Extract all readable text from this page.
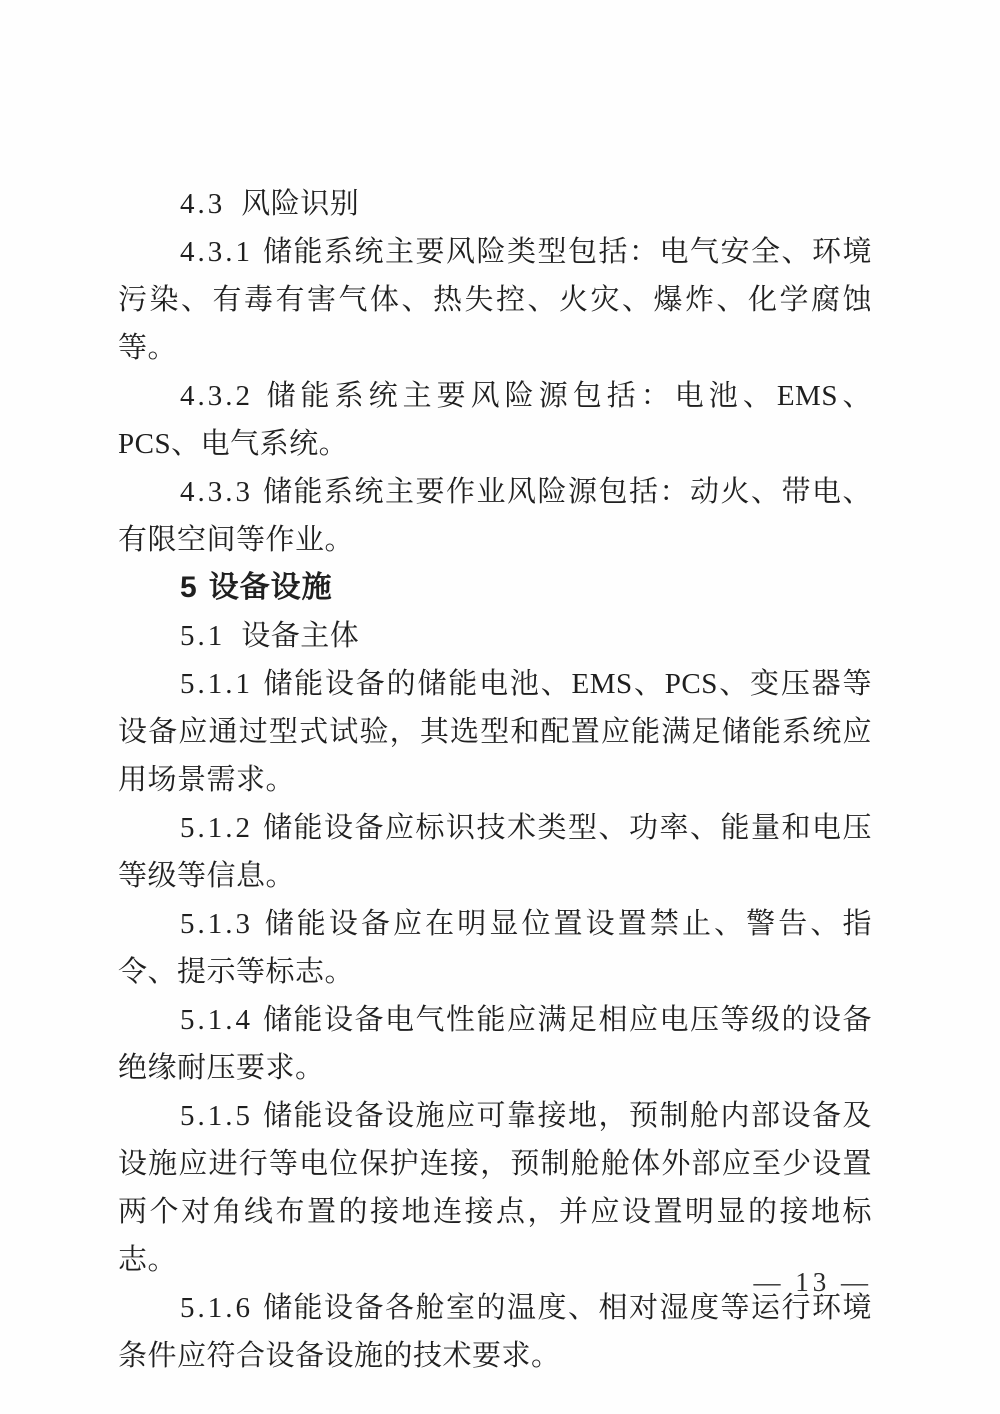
4.3 风险识别

4.3.1 储能系统主要风险类型包括：电气安全、环境污染、有毒有害气体、热失控、火灾、爆炸、化学腐蚀等。

4.3.2 储能系统主要风险源包括：电池、EMS、PCS、电气系统。

4.3.3 储能系统主要作业风险源包括：动火、带电、有限空间等作业。

5 设备设施

5.1 设备主体

5.1.1 储能设备的储能电池、EMS、PCS、变压器等设备应通过型式试验，其选型和配置应能满足储能系统应用场景需求。

5.1.2 储能设备应标识技术类型、功率、能量和电压等级等信息。

5.1.3 储能设备应在明显位置设置禁止、警告、指令、提示等标志。

5.1.4 储能设备电气性能应满足相应电压等级的设备绝缘耐压要求。

5.1.5 储能设备设施应可靠接地，预制舱内部设备及设施应进行等电位保护连接，预制舱舱体外部应至少设置两个对角线布置的接地连接点，并应设置明显的接地标志。

5.1.6 储能设备各舱室的温度、相对湿度等运行环境条件应符合设备设施的技术要求。

— 13 —
